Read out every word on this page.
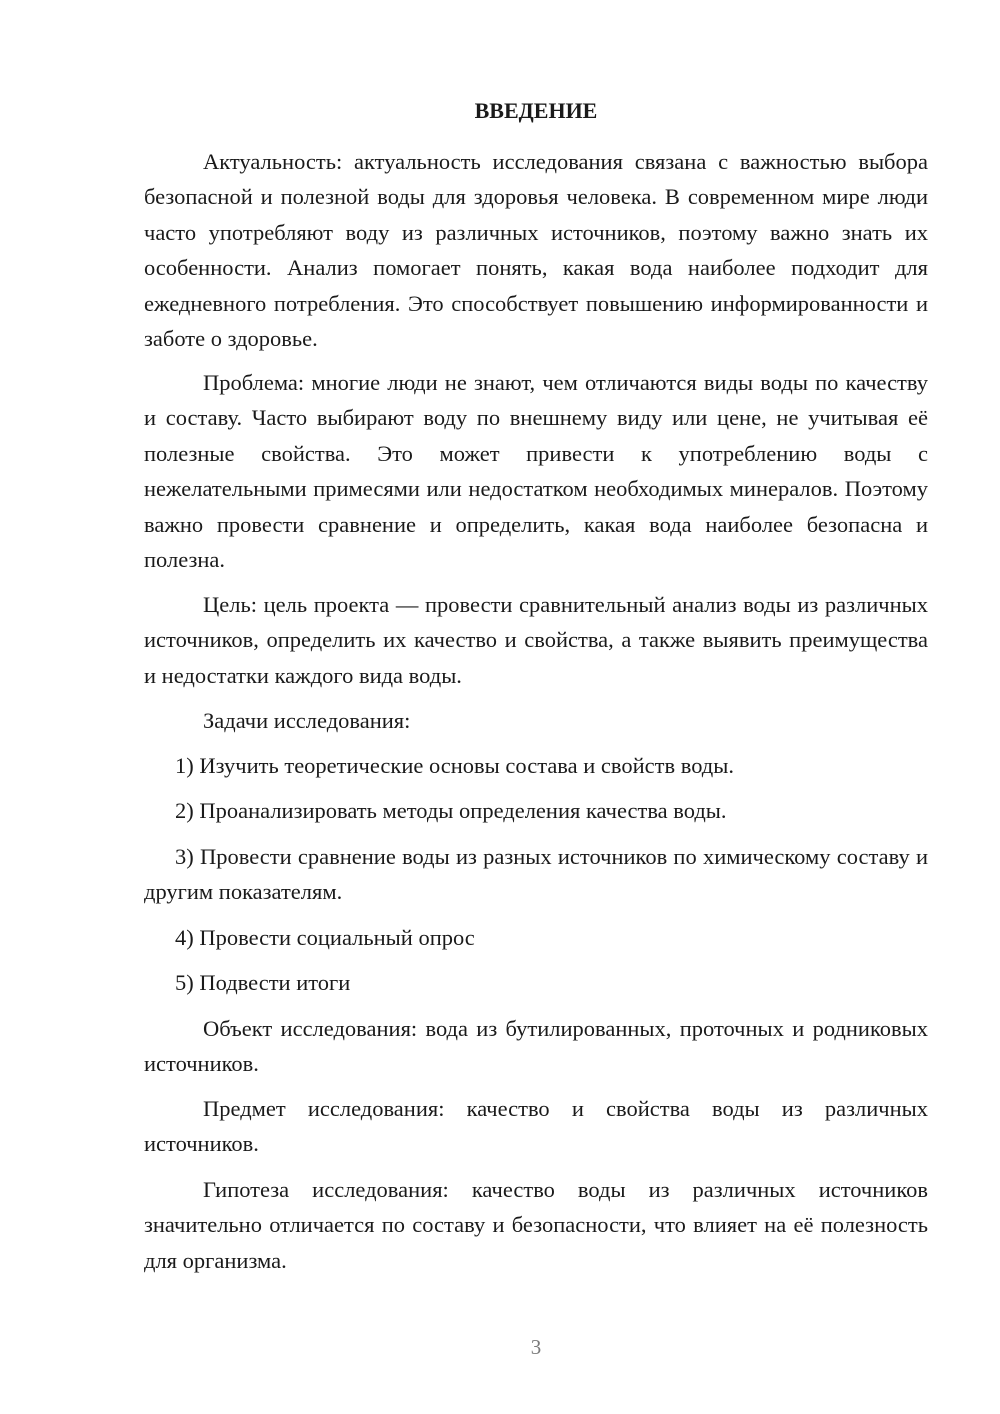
ВВЕДЕНИЕ

Актуальность: актуальность исследования связана с важностью выбора безопасной и полезной воды для здоровья человека. В современном мире люди часто употребляют воду из различных источников, поэтому важно знать их особенности. Анализ помогает понять, какая вода наиболее подходит для ежедневного потребления. Это способствует повышению информированности и заботе о здоровье.

Проблема: многие люди не знают, чем отличаются виды воды по качеству и составу. Часто выбирают воду по внешнему виду или цене, не учитывая её полезные свойства. Это может привести к употреблению воды с нежелательными примесями или недостатком необходимых минералов. Поэтому важно провести сравнение и определить, какая вода наиболее безопасна и полезна.

Цель: цель проекта — провести сравнительный анализ воды из различных источников, определить их качество и свойства, а также выявить преимущества и недостатки каждого вида воды.

Задачи исследования:

1) Изучить теоретические основы состава и свойств воды.

2) Проанализировать методы определения качества воды.

3) Провести сравнение воды из разных источников по химическому составу и другим показателям.

4) Провести социальный опрос

5) Подвести итоги

Объект исследования: вода из бутилированных, проточных и родниковых источников.

Предмет исследования: качество и свойства воды из различных источников.

Гипотеза исследования: качество воды из различных источников значительно отличается по составу и безопасности, что влияет на её полезность для организма.

3
